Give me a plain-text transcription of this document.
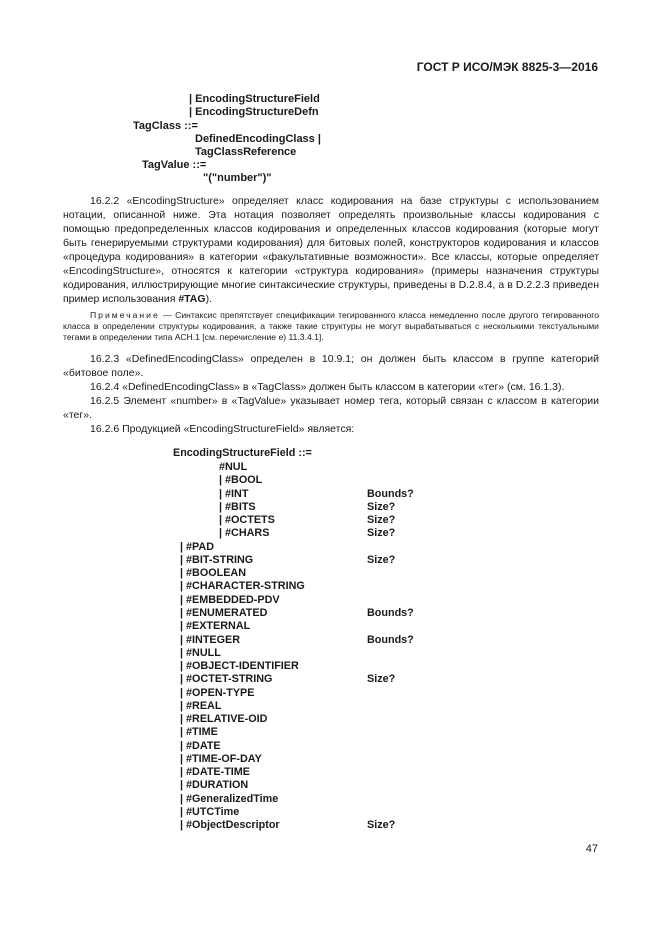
ГОСТ Р ИСО/МЭК 8825-3—2016
| EncodingStructureField
| EncodingStructureDefn
TagClass ::=
DefinedEncodingClass |
TagClassReference
TagValue ::=
"("number")"

16.2.2 «EncodingStructure» определяет класс кодирования на базе структуры с использованием нотации, описанной ниже. Эта нотация позволяет определять произвольные классы кодирования с помощью предопределенных классов кодирования и определенных классов кодирования (которые могут быть генерируемыми структурами кодирования) для битовых полей, конструкторов кодирования и классов «процедура кодирования» в категории «факультативные возможности». Все классы, которые определяет «EncodingStructure», относятся к категории «структура кодирования» (примеры назначения структуры кодирования, иллюстрирующие многие синтаксические структуры, приведены в D.2.8.4, а в D.2.2.3 приведен пример использования #TAG).

Примечание — Синтаксис препятствует спецификации тегированного класса немедленно после другого тегированного класса в определении структуры кодирования, а также такие структуры не могут вырабатываться с несколькими текстуальными тегами в определении типа АСН.1 [см. перечисление е) 11.3.4.1].

16.2.3 «DefinedEncodingClass» определен в 10.9.1; он должен быть классом в группе категорий «битовое поле».

16.2.4 «DefinedEncodingClass» в «TagClass» должен быть классом в категории «тег» (см. 16.1.3).

16.2.5 Элемент «number» в «TagValue» указывает номер тега, который связан с классом в категории «тег».

16.2.6 Продукцией «EncodingStructureField» является:

EncodingStructureField ::=
#NUL
| #BOOL
| #INT	Bounds?
| #BITS	Size?
| #OCTETS	Size?
| #CHARS	Size?
| #PAD
| #BIT-STRING	Size?
| #BOOLEAN
| #CHARACTER-STRING
| #EMBEDDED-PDV
| #ENUMERATED	Bounds?
| #EXTERNAL
| #INTEGER	Bounds?
| #NULL
| #OBJECT-IDENTIFIER
| #OCTET-STRING	Size?
| #OPEN-TYPE
| #REAL
| #RELATIVE-OID
| #TIME
| #DATE
| #TIME-OF-DAY
| #DATE-TIME
| #DURATION
| #GeneralizedTime
| #UTCTime
| #ObjectDescriptor	Size?
47
